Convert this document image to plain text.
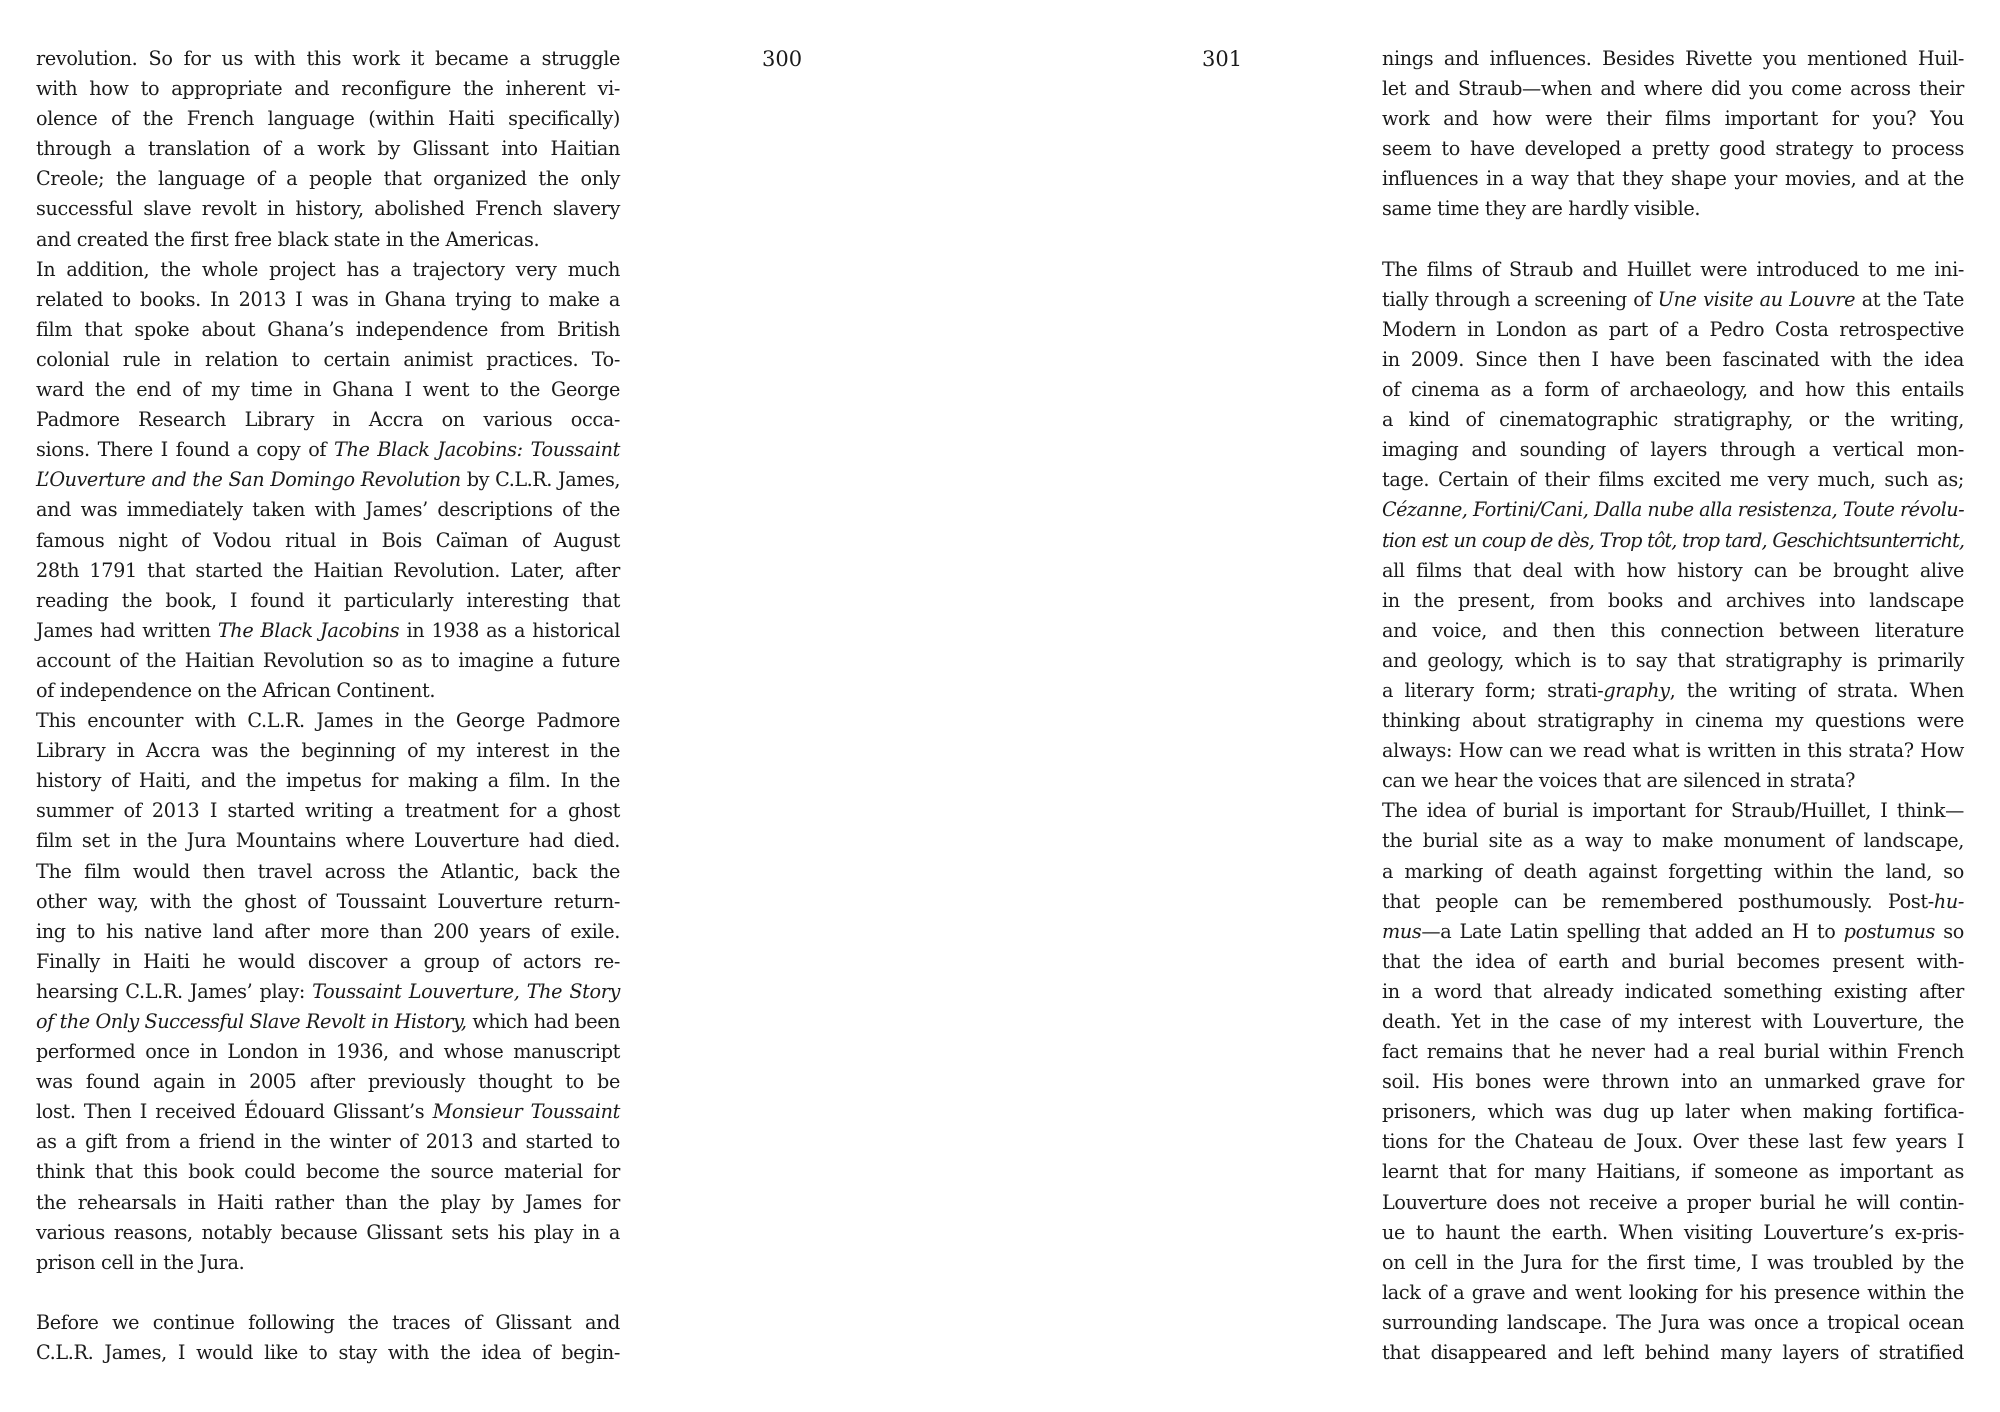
300
revolution. So for us with this work it became a struggle
with how to appropriate and reconfigure the inherent vi-
olence of the French language (within Haiti specifically)
through a translation of a work by Glissant into Haitian
Creole; the language of a people that organized the only
successful slave revolt in history, abolished French slavery
and created the first free black state in the Americas.
In addition, the whole project has a trajectory very much
related to books. In 2013 I was in Ghana trying to make a
film that spoke about Ghana’s independence from British
colonial rule in relation to certain animist practices. To-
ward the end of my time in Ghana I went to the George
Padmore Research Library in Accra on various occa-
sions. There I found a copy of The Black Jacobins: Toussaint
L’Ouverture and the San Domingo Revolution by C.L.R. James,
and was immediately taken with James’ descriptions of the
famous night of Vodou ritual in Bois Caïman of August
28th 1791 that started the Haitian Revolution. Later, after
reading the book, I found it particularly interesting that
James had written The Black Jacobins in 1938 as a historical
account of the Haitian Revolution so as to imagine a future
of independence on the African Continent.
This encounter with C.L.R. James in the George Padmore
Library in Accra was the beginning of my interest in the
history of Haiti, and the impetus for making a film. In the
summer of 2013 I started writing a treatment for a ghost
film set in the Jura Mountains where Louverture had died.
The film would then travel across the Atlantic, back the
other way, with the ghost of Toussaint Louverture return-
ing to his native land after more than 200 years of exile.
Finally in Haiti he would discover a group of actors re-
hearsing C.L.R. James’ play: Toussaint Louverture, The Story
of the Only Successful Slave Revolt in History, which had been
performed once in London in 1936, and whose manuscript
was found again in 2005 after previously thought to be
lost. Then I received Édouard Glissant’s Monsieur Toussaint
as a gift from a friend in the winter of 2013 and started to
think that this book could become the source material for
the rehearsals in Haiti rather than the play by James for
various reasons, notably because Glissant sets his play in a
prison cell in the Jura.
Before we continue following the traces of Glissant and
C.L.R. James, I would like to stay with the idea of begin-
301	nings and influences. Besides Rivette you mentioned Huil-
let and Straub—when and where did you come across their
work and how were their films important for you? You
seem to have developed a pretty good strategy to process
influences in a way that they shape your movies, and at the
same time they are hardly visible.
The films of Straub and Huillet were introduced to me ini-
tially through a screening of Une visite au Louvre at the Tate
Modern in London as part of a Pedro Costa retrospective
in 2009. Since then I have been fascinated with the idea
of cinema as a form of archaeology, and how this entails
a kind of cinematographic stratigraphy, or the writing,
imaging and sounding of layers through a vertical mon-
tage. Certain of their films excited me very much, such as;
Cézanne, Fortini/Cani, Dalla nube alla resistenza, Toute révolu-
tion est un coup de dès, Trop tôt, trop tard, Geschichtsunterricht,
all films that deal with how history can be brought alive
in the present, from books and archives into landscape
and voice, and then this connection between literature
and geology, which is to say that stratigraphy is primarily
a literary form; strati-graphy, the writing of strata. When
thinking about stratigraphy in cinema my questions were
always: How can we read what is written in this strata? How
can we hear the voices that are silenced in strata?
The idea of burial is important for Straub/Huillet, I think—
the burial site as a way to make monument of landscape,
a marking of death against forgetting within the land, so
that people can be remembered posthumously. Post-hu-
mus—a Late Latin spelling that added an H to postumus so
that the idea of earth and burial becomes present with-
in a word that already indicated something existing after
death. Yet in the case of my interest with Louverture, the
fact remains that he never had a real burial within French
soil. His bones were thrown into an unmarked grave for
prisoners, which was dug up later when making fortifica-
tions for the Chateau de Joux. Over these last few years I
learnt that for many Haitians, if someone as important as
Louverture does not receive a proper burial he will contin-
ue to haunt the earth. When visiting Louverture’s ex-pris-
on cell in the Jura for the first time, I was troubled by the
lack of a grave and went looking for his presence within the
surrounding landscape. The Jura was once a tropical ocean
that disappeared and left behind many layers of stratified
